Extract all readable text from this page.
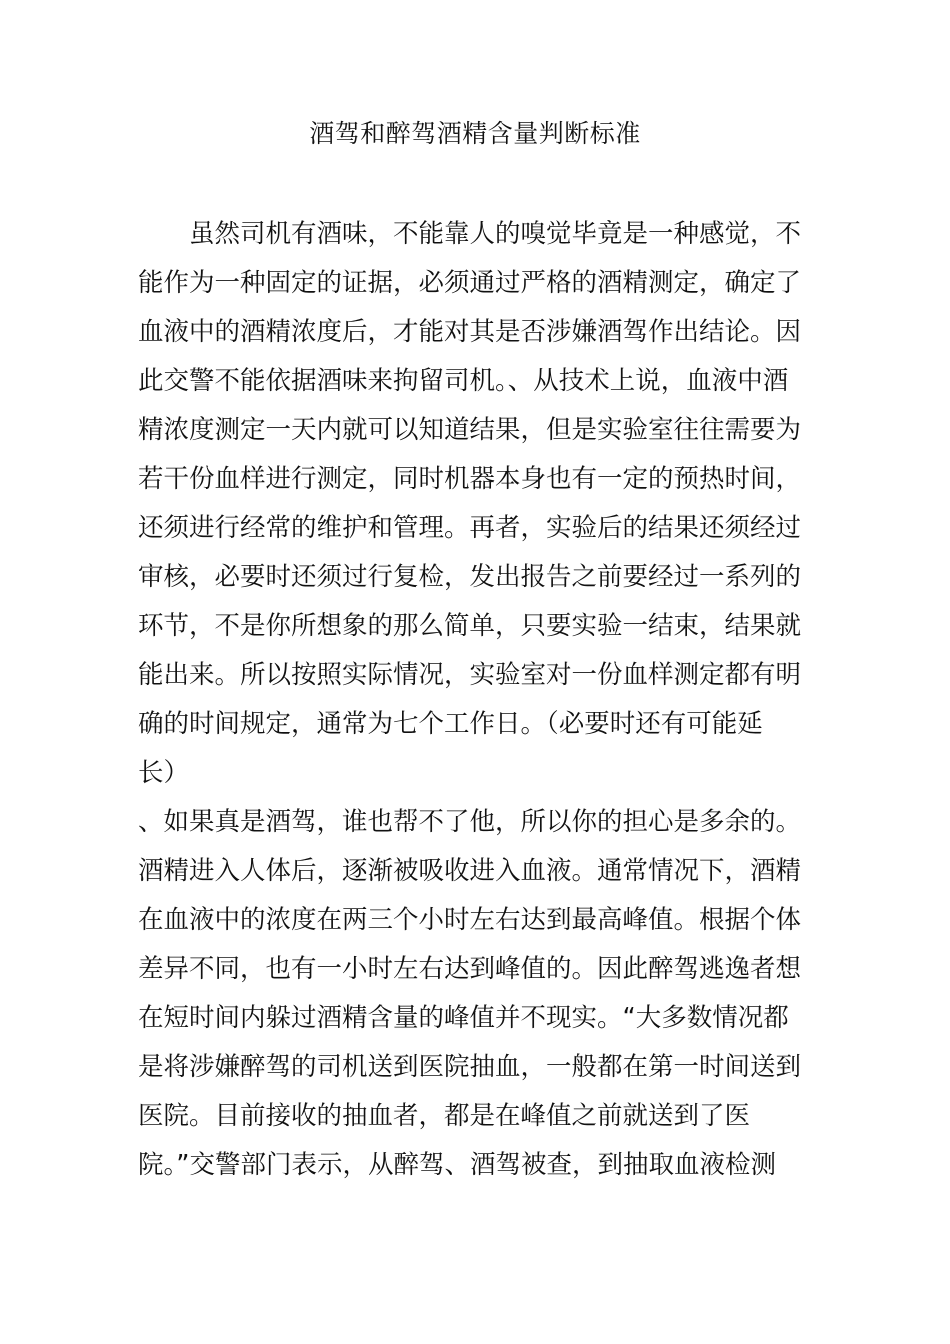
酒驾和醉驾酒精含量判断标准
　　虽然司机有酒味，不能靠人的嗅觉毕竟是一种感觉，不
能作为一种固定的证据，必须通过严格的酒精测定，确定了
血液中的酒精浓度后，才能对其是否涉嫌酒驾作出结论。因
此交警不能依据酒味来拘留司机。、从技术上说，血液中酒
精浓度测定一天内就可以知道结果，但是实验室往往需要为
若干份血样进行测定，同时机器本身也有一定的预热时间，
还须进行经常的维护和管理。再者，实验后的结果还须经过
审核，必要时还须过行复检，发出报告之前要经过一系列的
环节，不是你所想象的那么简单，只要实验一结束，结果就
能出来。所以按照实际情况，实验室对一份血样测定都有明
确的时间规定，通常为七个工作日。（必要时还有可能延
长）
、如果真是酒驾，谁也帮不了他，所以你的担心是多余的。
酒精进入人体后，逐渐被吸收进入血液。通常情况下，酒精
在血液中的浓度在两三个小时左右达到最高峰值。根据个体
差异不同，也有一小时左右达到峰值的。因此醉驾逃逸者想
在短时间内躲过酒精含量的峰值并不现实。“大多数情况都
是将涉嫌醉驾的司机送到医院抽血，一般都在第一时间送到
医院。目前接收的抽血者，都是在峰值之前就送到了医
院。”交警部门表示，从醉驾、酒驾被查，到抽取血液检测
